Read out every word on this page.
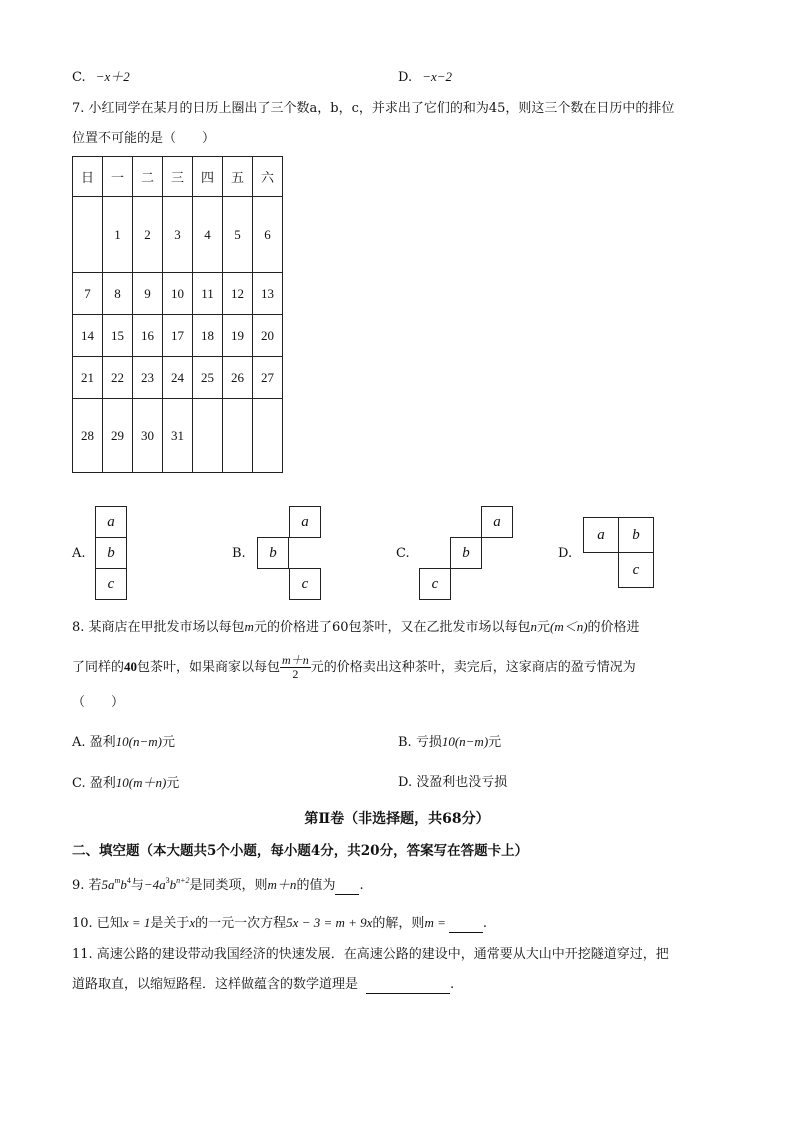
C. −x＋2	D. −x−2
7. 小红同学在某月的日历上圈出了三个数a，b，c，并求出了它们的和为45，则这三个数在日历中的排位
位置不可能的是（　　）
日	一	二	三	四	五	六
	1	2	3	4	5	6
7	8	9	10	11	12	13
14	15	16	17	18	19	20
21	22	23	24	25	26	27
28	29	30	31			
A.
a
b
c
B.
a
b
c
C.
a
b
c
D.
a	b
c
8. 某商店在甲批发市场以每包m元的价格进了60包茶叶，又在乙批发市场以每包n元(m＜n)的价格进
了同样的40包茶叶，如果商家以每包 $\frac{m+n}{2}$ 元的价格卖出这种茶叶，卖完后，这家商店的盈亏情况为
（　　）
A. 盈利10(n−m)元	B. 亏损10(n−m)元
C. 盈利10(m＋n)元	D. 没盈利也没亏损
第Ⅱ卷（非选择题，共68分）
二、填空题（本大题共5个小题，每小题4分，共20分，答案写在答题卡上）
9. 若$5a^mb^4$与$-4a^3b^{n+2}$是同类项，则m＋n的值为 .
10. 已知x = 1是关于x的一元一次方程5x − 3 = m + 9x的解，则m =	.
11. 高速公路的建设带动我国经济的快速发展．在高速公路的建设中，通常要从大山中开挖隧道穿过，把
道路取直，以缩短路程．这样做蕴含的数学道理是	.
